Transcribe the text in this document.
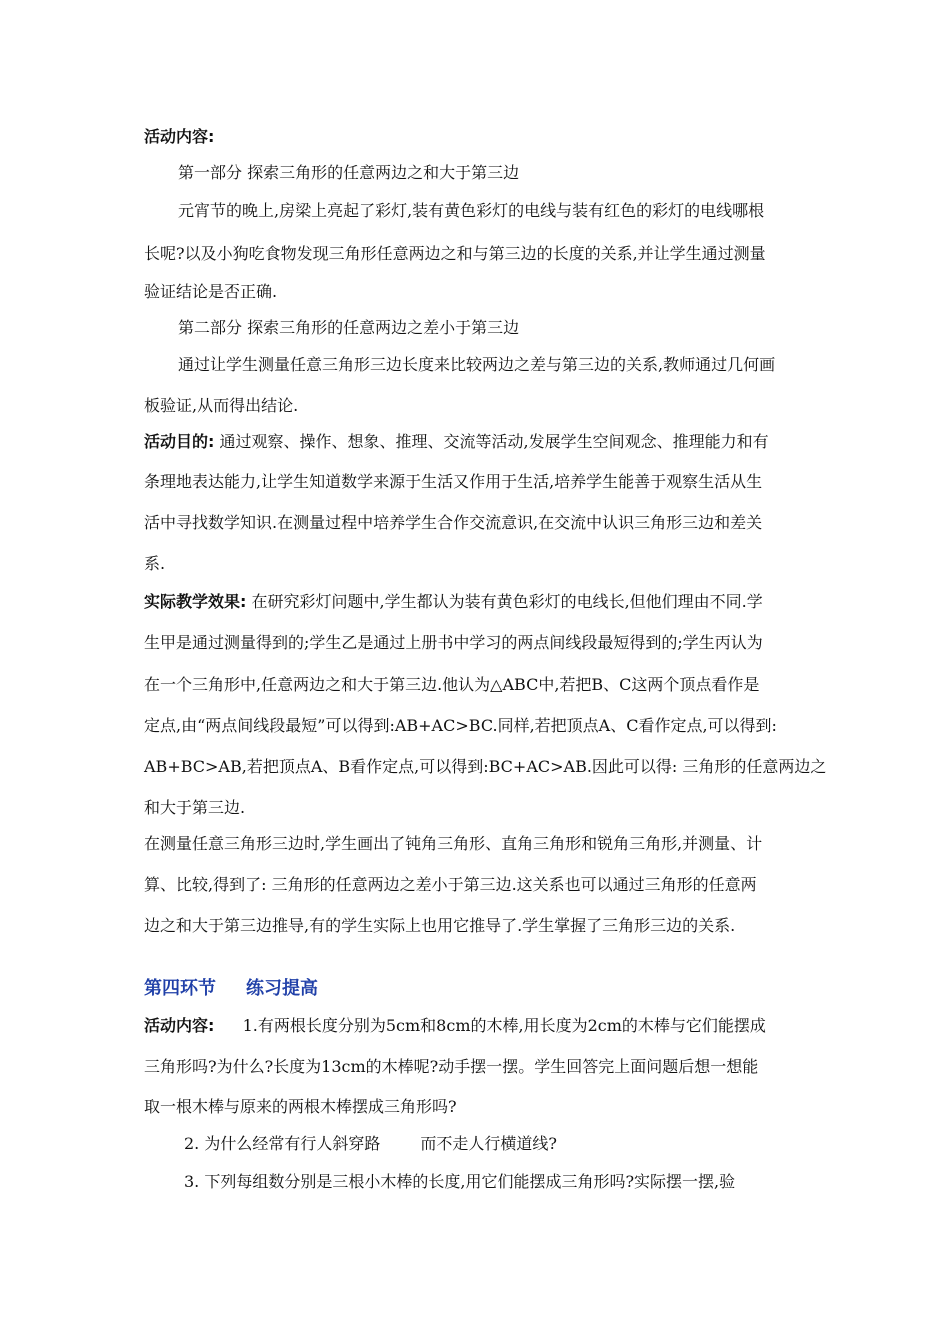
活动内容:
第一部分 探索三角形的任意两边之和大于第三边
元宵节的晚上,房梁上亮起了彩灯,装有黄色彩灯的电线与装有红色的彩灯的电线哪根
长呢?以及小狗吃食物发现三角形任意两边之和与第三边的长度的关系,并让学生通过测量
验证结论是否正确.
第二部分 探索三角形的任意两边之差小于第三边
通过让学生测量任意三角形三边长度来比较两边之差与第三边的关系,教师通过几何画
板验证,从而得出结论.
活动目的: 通过观察、操作、想象、推理、交流等活动,发展学生空间观念、推理能力和有
条理地表达能力,让学生知道数学来源于生活又作用于生活,培养学生能善于观察生活从生
活中寻找数学知识.在测量过程中培养学生合作交流意识,在交流中认识三角形三边和差关
系.
实际教学效果: 在研究彩灯问题中,学生都认为装有黄色彩灯的电线长,但他们理由不同.学
生甲是通过测量得到的;学生乙是通过上册书中学习的两点间线段最短得到的;学生丙认为
在一个三角形中,任意两边之和大于第三边.他认为△ABC中,若把B、C这两个顶点看作是
定点,由“两点间线段最短”可以得到:AB+AC>BC.同样,若把顶点A、C看作定点,可以得到:
AB+BC>AB,若把顶点A、B看作定点,可以得到:BC+AC>AB.因此可以得: 三角形的任意两边之
和大于第三边.
在测量任意三角形三边时,学生画出了钝角三角形、直角三角形和锐角三角形,并测量、计
算、比较,得到了: 三角形的任意两边之差小于第三边.这关系也可以通过三角形的任意两
边之和大于第三边推导,有的学生实际上也用它推导了.学生掌握了三角形三边的关系.
第四环节 练习提高
活动内容: 1.有两根长度分别为5cm和8cm的木棒,用长度为2cm的木棒与它们能摆成
三角形吗?为什么?长度为13cm的木棒呢?动手摆一摆。学生回答完上面问题后想一想能
取一根木棒与原来的两根木棒摆成三角形吗?
2. 为什么经常有行人斜穿路	而不走人行横道线?
3. 下列每组数分别是三根小木棒的长度,用它们能摆成三角形吗?实际摆一摆,验
